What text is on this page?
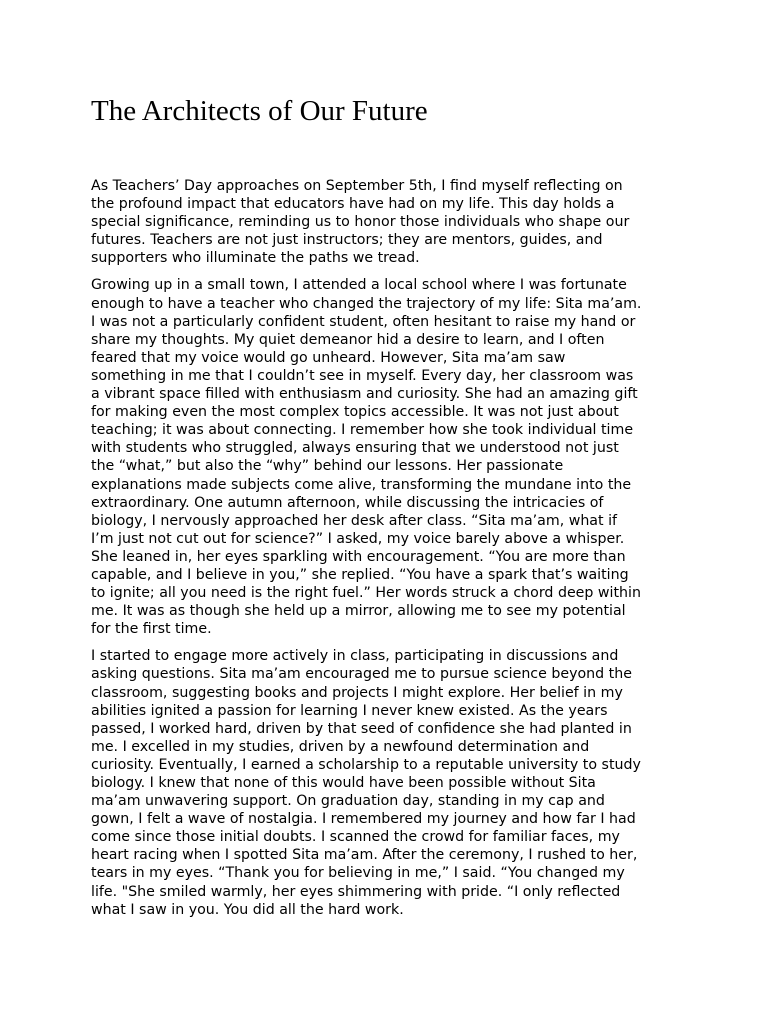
The Architects of Our Future

As Teachers’ Day approaches on September 5th, I find myself reflecting on
the profound impact that educators have had on my life. This day holds a
special significance, reminding us to honor those individuals who shape our
futures. Teachers are not just instructors; they are mentors, guides, and
supporters who illuminate the paths we tread.

Growing up in a small town, I attended a local school where I was fortunate
enough to have a teacher who changed the trajectory of my life: Sita ma’am.
I was not a particularly confident student, often hesitant to raise my hand or
share my thoughts. My quiet demeanor hid a desire to learn, and I often
feared that my voice would go unheard. However, Sita ma’am saw
something in me that I couldn’t see in myself. Every day, her classroom was
a vibrant space filled with enthusiasm and curiosity. She had an amazing gift
for making even the most complex topics accessible. It was not just about
teaching; it was about connecting. I remember how she took individual time
with students who struggled, always ensuring that we understood not just
the “what,” but also the “why” behind our lessons. Her passionate
explanations made subjects come alive, transforming the mundane into the
extraordinary. One autumn afternoon, while discussing the intricacies of
biology, I nervously approached her desk after class. “Sita ma’am, what if
I’m just not cut out for science?” I asked, my voice barely above a whisper.
She leaned in, her eyes sparkling with encouragement. “You are more than
capable, and I believe in you,” she replied. “You have a spark that’s waiting
to ignite; all you need is the right fuel.” Her words struck a chord deep within
me. It was as though she held up a mirror, allowing me to see my potential
for the first time.

I started to engage more actively in class, participating in discussions and
asking questions. Sita ma’am encouraged me to pursue science beyond the
classroom, suggesting books and projects I might explore. Her belief in my
abilities ignited a passion for learning I never knew existed. As the years
passed, I worked hard, driven by that seed of confidence she had planted in
me. I excelled in my studies, driven by a newfound determination and
curiosity. Eventually, I earned a scholarship to a reputable university to study
biology. I knew that none of this would have been possible without Sita
ma’am unwavering support. On graduation day, standing in my cap and
gown, I felt a wave of nostalgia. I remembered my journey and how far I had
come since those initial doubts. I scanned the crowd for familiar faces, my
heart racing when I spotted Sita ma’am. After the ceremony, I rushed to her,
tears in my eyes. “Thank you for believing in me,” I said. “You changed my
life. "She smiled warmly, her eyes shimmering with pride. “I only reflected
what I saw in you. You did all the hard work.
